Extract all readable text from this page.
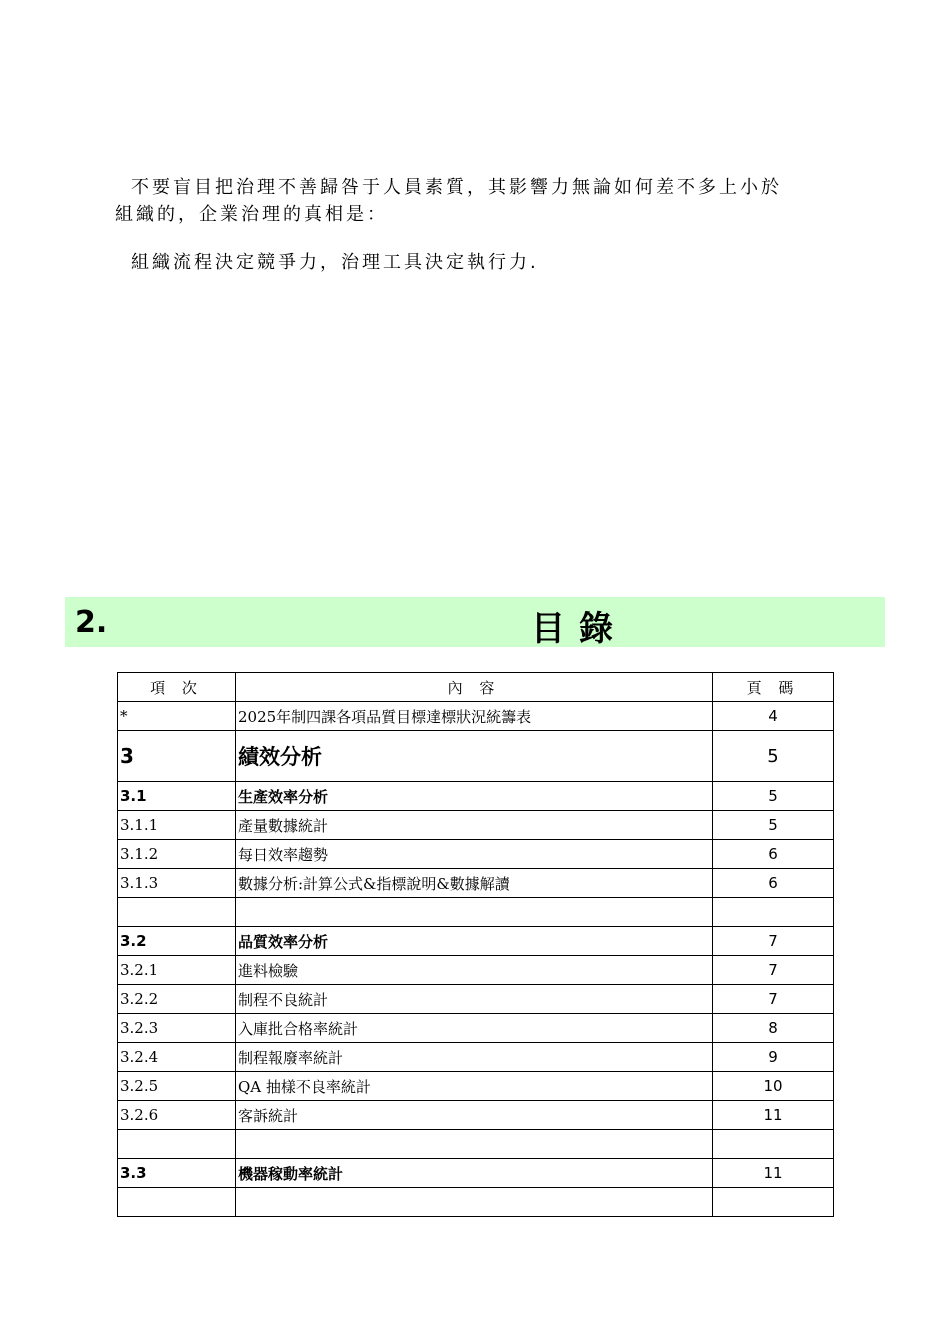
不要盲目把治理不善歸咎于人員素質，其影響力無論如何差不多上小於

組織的，企業治理的真相是：

組織流程決定競爭力，治理工具決定執行力.

2.	目錄
項 次	內 容	頁 碼
*	2025年制四課各項品質目標達標狀況統籌表	4
3	績效分析	5
3.1	生產效率分析	5
3.1.1	產量數據統計	5
3.1.2	每日效率趨勢	6
3.1.3	數據分析:計算公式&指標說明&數據解讀	6

3.2	品質效率分析	7
3.2.1	進料檢驗	7
3.2.2	制程不良統計	7
3.2.3	入庫批合格率統計	8
3.2.4	制程報廢率統計	9
3.2.5	QA 抽樣不良率統計	10
3.2.6	客訴統計	11

3.3	機器稼動率統計	11
